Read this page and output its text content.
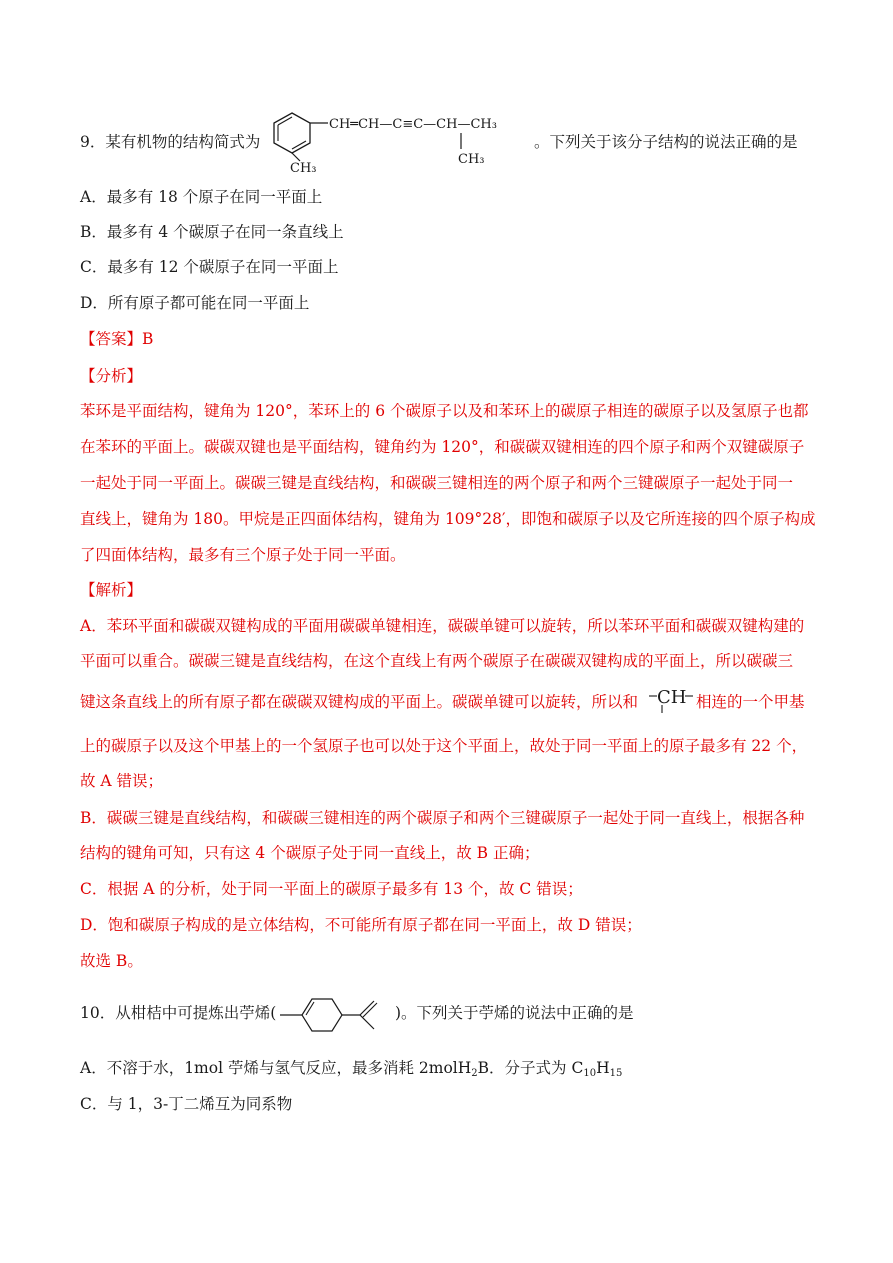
9．某有机物的结构简式为
CH₃
CH═CH—C≡C—CH—CH₃
CH₃
。下列关于该分子结构的说法正确的是
A．最多有 18 个原子在同一平面上
B．最多有 4 个碳原子在同一条直线上
C．最多有 12 个碳原子在同一平面上
D．所有原子都可能在同一平面上
【答案】B
【分析】
苯环是平面结构，键角为 120°，苯环上的 6 个碳原子以及和苯环上的碳原子相连的碳原子以及氢原子也都
在苯环的平面上。碳碳双键也是平面结构，键角约为 120°，和碳碳双键相连的四个原子和两个双键碳原子
一起处于同一平面上。碳碳三键是直线结构，和碳碳三键相连的两个原子和两个三键碳原子一起处于同一
直线上，键角为 180。甲烷是正四面体结构，键角为 109°28′，即饱和碳原子以及它所连接的四个原子构成
了四面体结构，最多有三个原子处于同一平面。
【解析】
A．苯环平面和碳碳双键构成的平面用碳碳单键相连，碳碳单键可以旋转，所以苯环平面和碳碳双键构建的
平面可以重合。碳碳三键是直线结构，在这个直线上有两个碳原子在碳碳双键构成的平面上，所以碳碳三
键这条直线上的所有原子都在碳碳双键构成的平面上。碳碳单键可以旋转，所以和 CH 相连的一个甲基
上的碳原子以及这个甲基上的一个氢原子也可以处于这个平面上，故处于同一平面上的原子最多有 22 个，
故 A 错误；
B．碳碳三键是直线结构，和碳碳三键相连的两个碳原子和两个三键碳原子一起处于同一直线上，根据各种
结构的键角可知，只有这 4 个碳原子处于同一直线上，故 B 正确；
C．根据 A 的分析，处于同一平面上的碳原子最多有 13 个，故 C 错误；
D．饱和碳原子构成的是立体结构，不可能所有原子都在同一平面上，故 D 错误；
故选 B。
10．从柑桔中可提炼出苧烯(	)。下列关于苧烯的说法中正确的是
A．不溶于水，1mol 苧烯与氢气反应，最多消耗 2molH$_2$B．分子式为 $C_{10}H_{15}$
C．与 1，3-丁二烯互为同系物
